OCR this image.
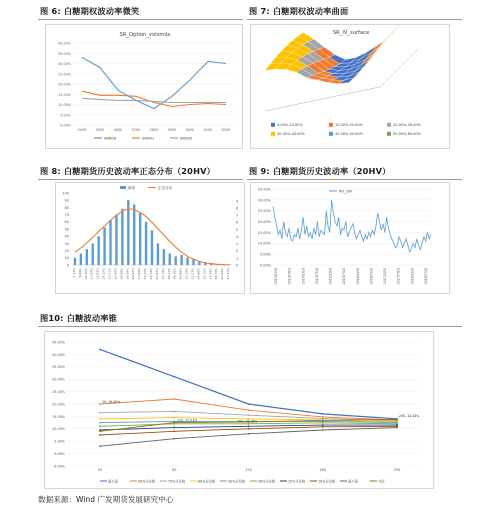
图 6: 白糖期权波动率微笑
SR_Option_volsmile
40.00%
35.00%
30.00%
25.00%
20.00%
15.00%
10.00%
5.00%
0.00%
5400	5500	5600	5700	5800	5900	6000	6100	6200
SR809	SR901	SR905
图 7: 白糖期权波动率曲面
SR_IV_surface
0.00%-10.00%	10.00%-20.00%	20.00%-30.00%
30.00%-40.00%	40.00%-50.00%	50.00%-60.00%
图 8: 白糖期货历史波动率正态分布（20HV）
100
90
80
70
60
50
40
30
20
10
0
9
8
7
6
5
4
3
2
1
0
7.77% 9.06% 10.35% 11.64% 12.93% 14.22% 15.51% 16.80% 18.09% 19.38% 20.67% 21.96% 23.25% 24.54% 25.83% 27.12% 28.41% 29.70% 30.99% 32.28% 33.57% 34.86% 36.15% 37.44% 38.73% 40.02% 41.31%
频率	正态分布
图 9: 白糖期货历史波动率（20HV）
35.00%
30.00%
25.00%
20.00%
15.00%
10.00%
5.00%
0.00%
2013/1/10	2013/7/10	2014/1/10	2014/7/10	2015/1/10	2015/7/10	2016/1/10	2016/7/10	2017/1/10	2017/7/10	2018/1/10	2018/7/10
RV_1M
图10: 白糖波动率锥
45.00%
40.00%
35.00%
30.00%
25.00%
20.00%
15.00%
10.00%
5.00%
0.00%
-5.00%
20	60	120	180	250
最大值	90%分位数	75%分位数	60%分位数	50%分位数	40%分位数	25%分位数	10%分位数	最小值	当前
19, 16.45%
120, 12.53%	193, 12.18%
250, 14.44%
数据来源：Wind 广发期货发展研究中心
